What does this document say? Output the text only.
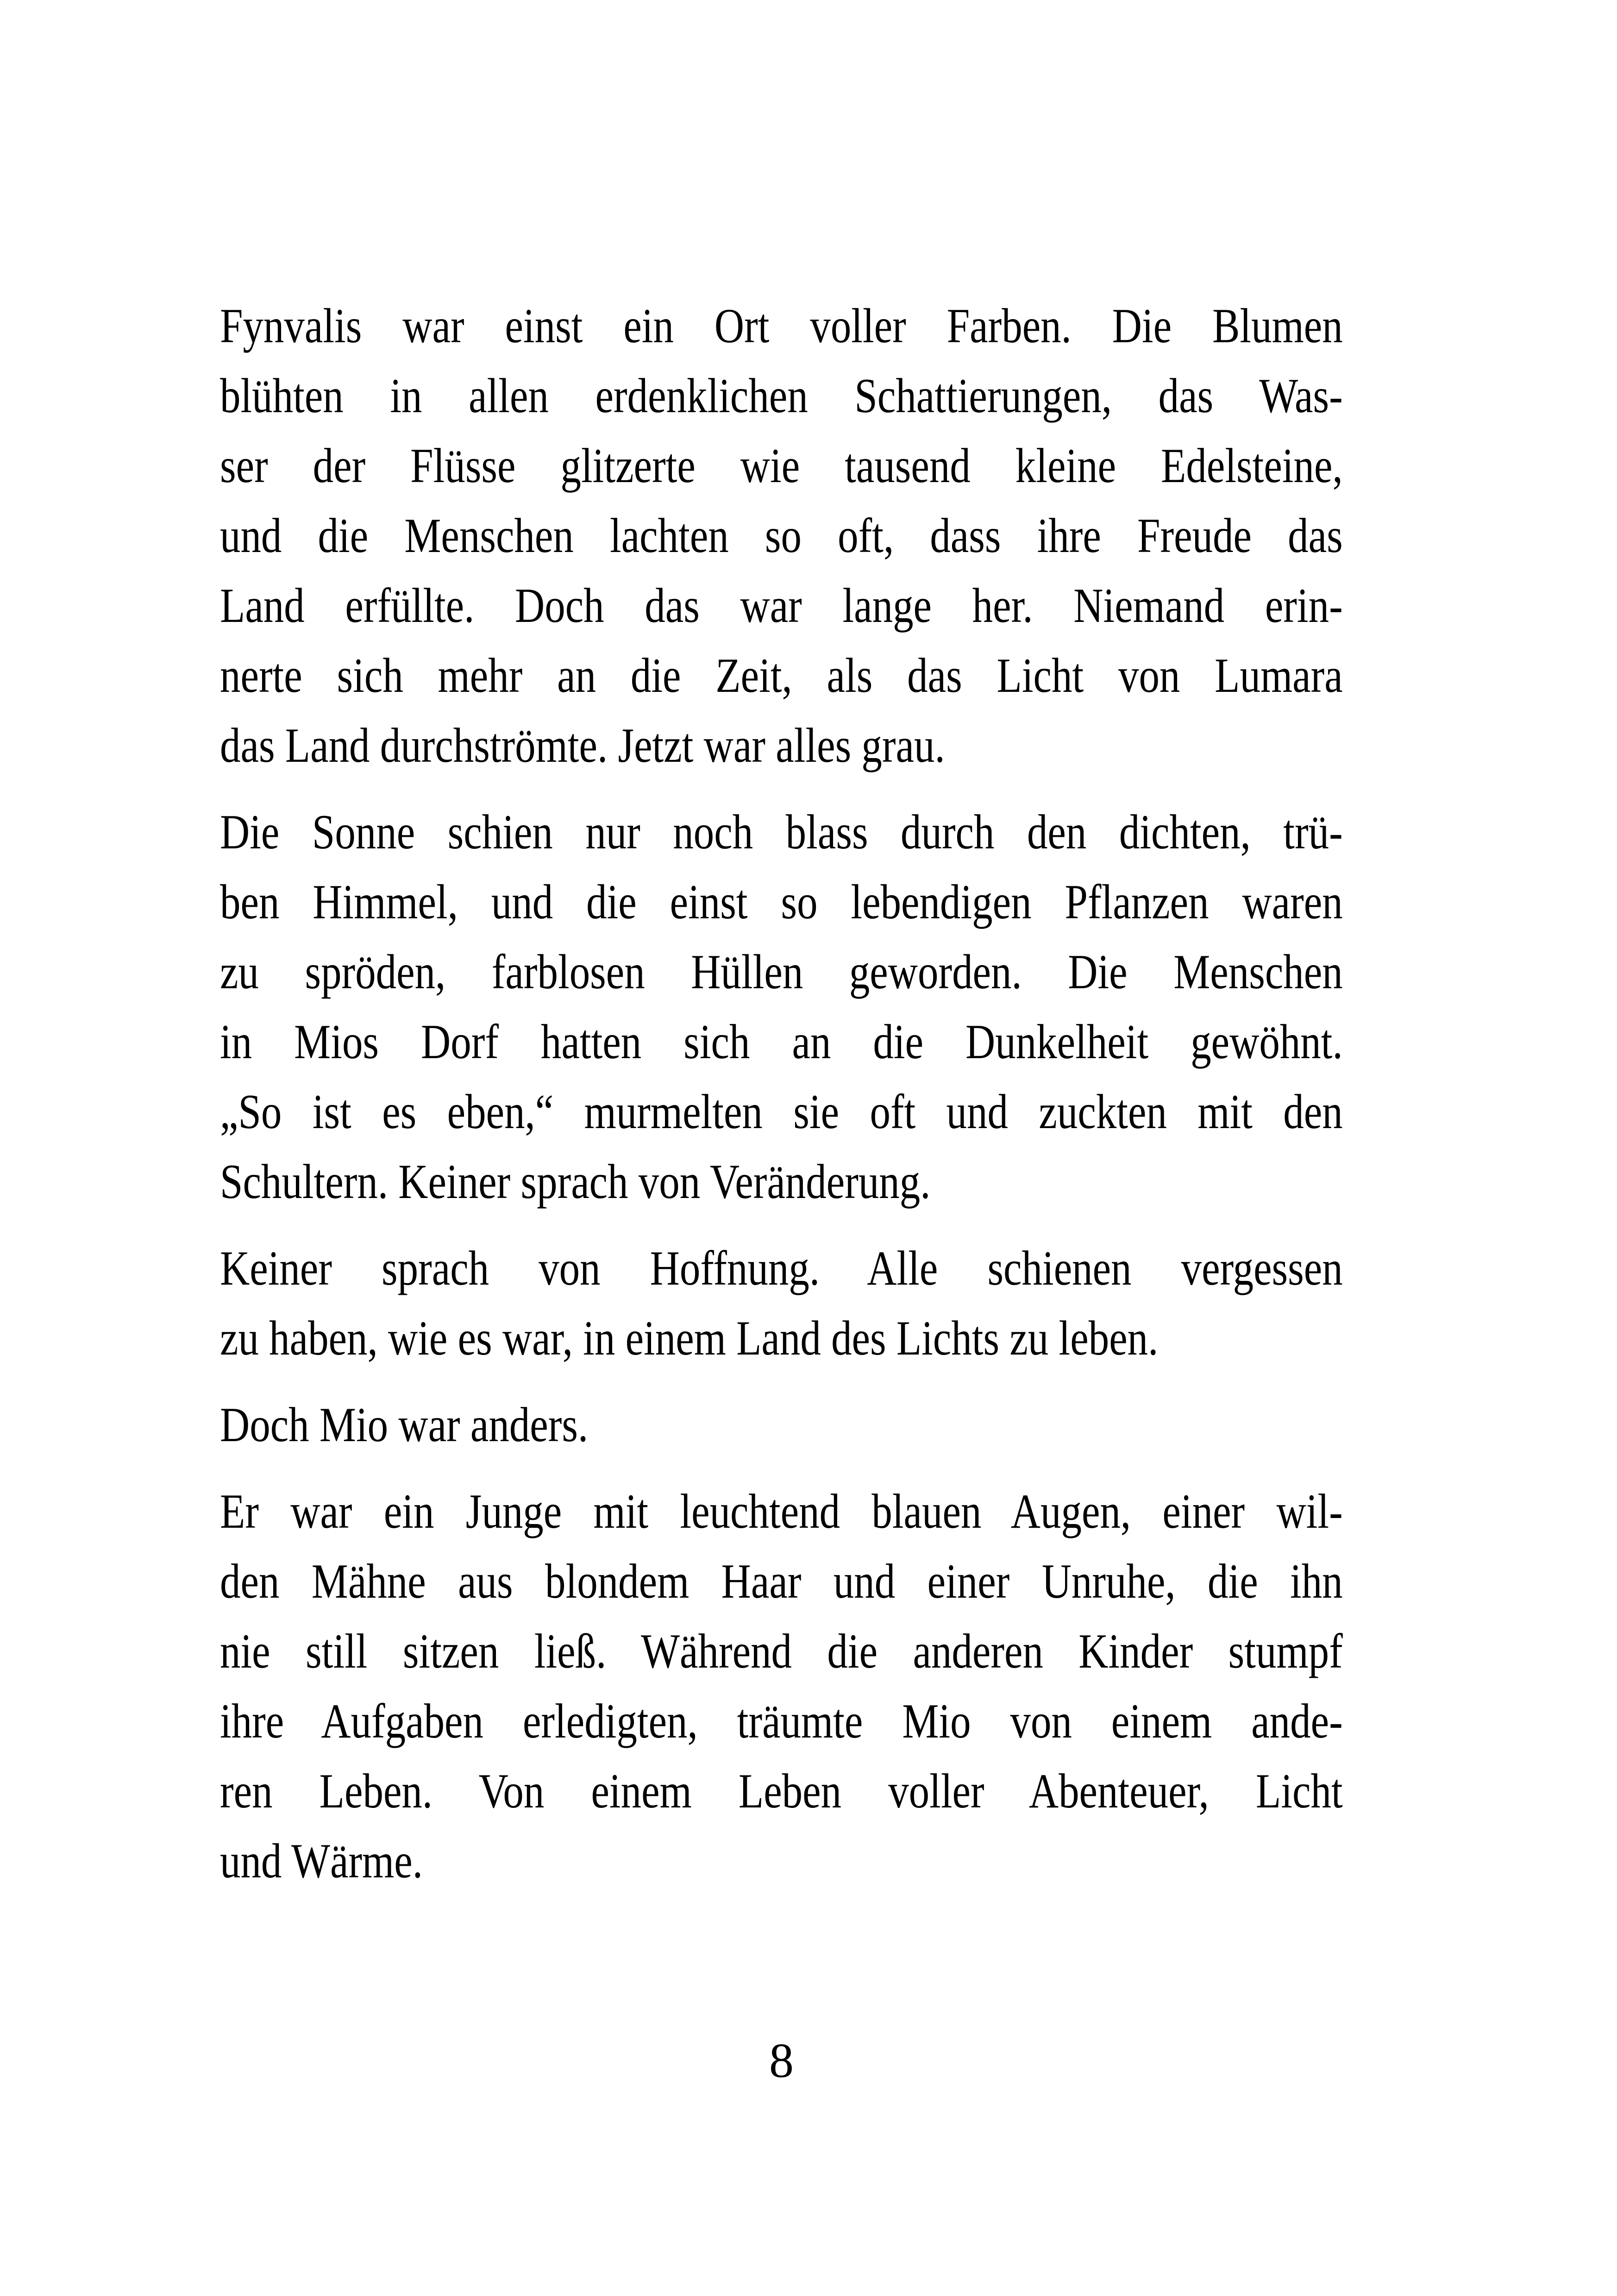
Fynvalis war einst ein Ort voller Farben. Die Blumen
blühten in allen erdenklichen Schattierungen, das Was-
ser der Flüsse glitzerte wie tausend kleine Edelsteine,
und die Menschen lachten so oft, dass ihre Freude das
Land erfüllte. Doch das war lange her. Niemand erin-
nerte sich mehr an die Zeit, als das Licht von Lumara
das Land durchströmte. Jetzt war alles grau.
Die Sonne schien nur noch blass durch den dichten, trü-
ben Himmel, und die einst so lebendigen Pflanzen waren
zu spröden, farblosen Hüllen geworden. Die Menschen
in Mios Dorf hatten sich an die Dunkelheit gewöhnt.
„So ist es eben,“ murmelten sie oft und zuckten mit den
Schultern. Keiner sprach von Veränderung.
Keiner sprach von Hoffnung. Alle schienen vergessen
zu haben, wie es war, in einem Land des Lichts zu leben.
Doch Mio war anders.
Er war ein Junge mit leuchtend blauen Augen, einer wil-
den Mähne aus blondem Haar und einer Unruhe, die ihn
nie still sitzen ließ. Während die anderen Kinder stumpf
ihre Aufgaben erledigten, träumte Mio von einem ande-
ren Leben. Von einem Leben voller Abenteuer, Licht
und Wärme.
8
